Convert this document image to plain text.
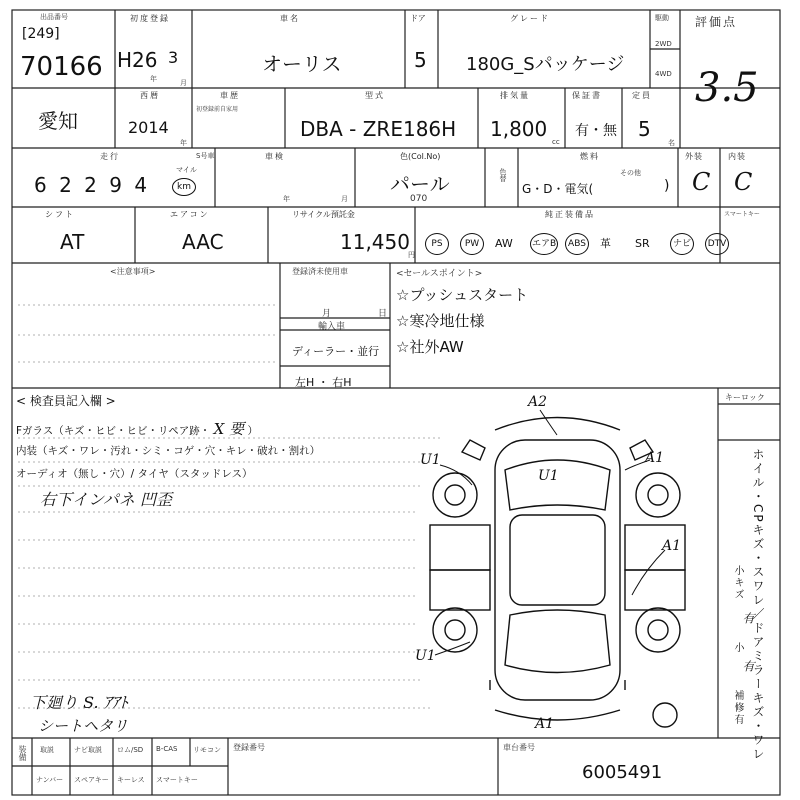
出品番号
[249]
70166
初度登録
H26 3
年	月
車名
オーリス
ドア
5
グレード
180G_Sパッケージ
駆動
2WD
4WD
評価点
3.5
愛知
西暦
2014
年
車歴
初登録前自家用
型式
DBA - ZRE186H
排気量
1,800
cc
保証書
有・無
定員
5
名
走行	S号車
6 2 2 9 4
マイル
km
車検
年	月
色(Col.No)
パール
070
色替
燃料
G・D・電気(
その他
)
外装
C
内装
C
シフト
AT
エアコン
AAC
リサイクル預託金
11,450
円
純正装備品	スマートキー
PS	PW	AW エアB	ABS 革 SR	ナビ	DTV
<注意事項>	登録済未使用車
月	日
輸入車
ディーラー・並行
左H ・ 右H
<セールスポイント>
☆プッシュスタート
☆寒冷地仕様
☆社外AW
< 検査員記入欄 >
Fガラス（キズ・ヒビ・ヒビ・リペア跡・ X 要 ）
内装（キズ・ワレ・汚れ・シミ・コゲ・穴・キレ・破れ・割れ）
オーディオ（無し・穴）/ タイヤ（スタッドレス）
右下インパネ 凹歪
下廻り S. ｱｱﾄ
シートヘタリ
A2
U1
U1
A1
A1
U1
A1
キーロック
ホイル・CPキズ・スワレ／ドアミラーキズ・ワレ
小キズ
有
小
有
補修有
装備 取説	ナビ取説 ロム/SD B-CAS リモコン
ナンバー スペアキー キーレス スマートキー
登録番号	車台番号
6005491
